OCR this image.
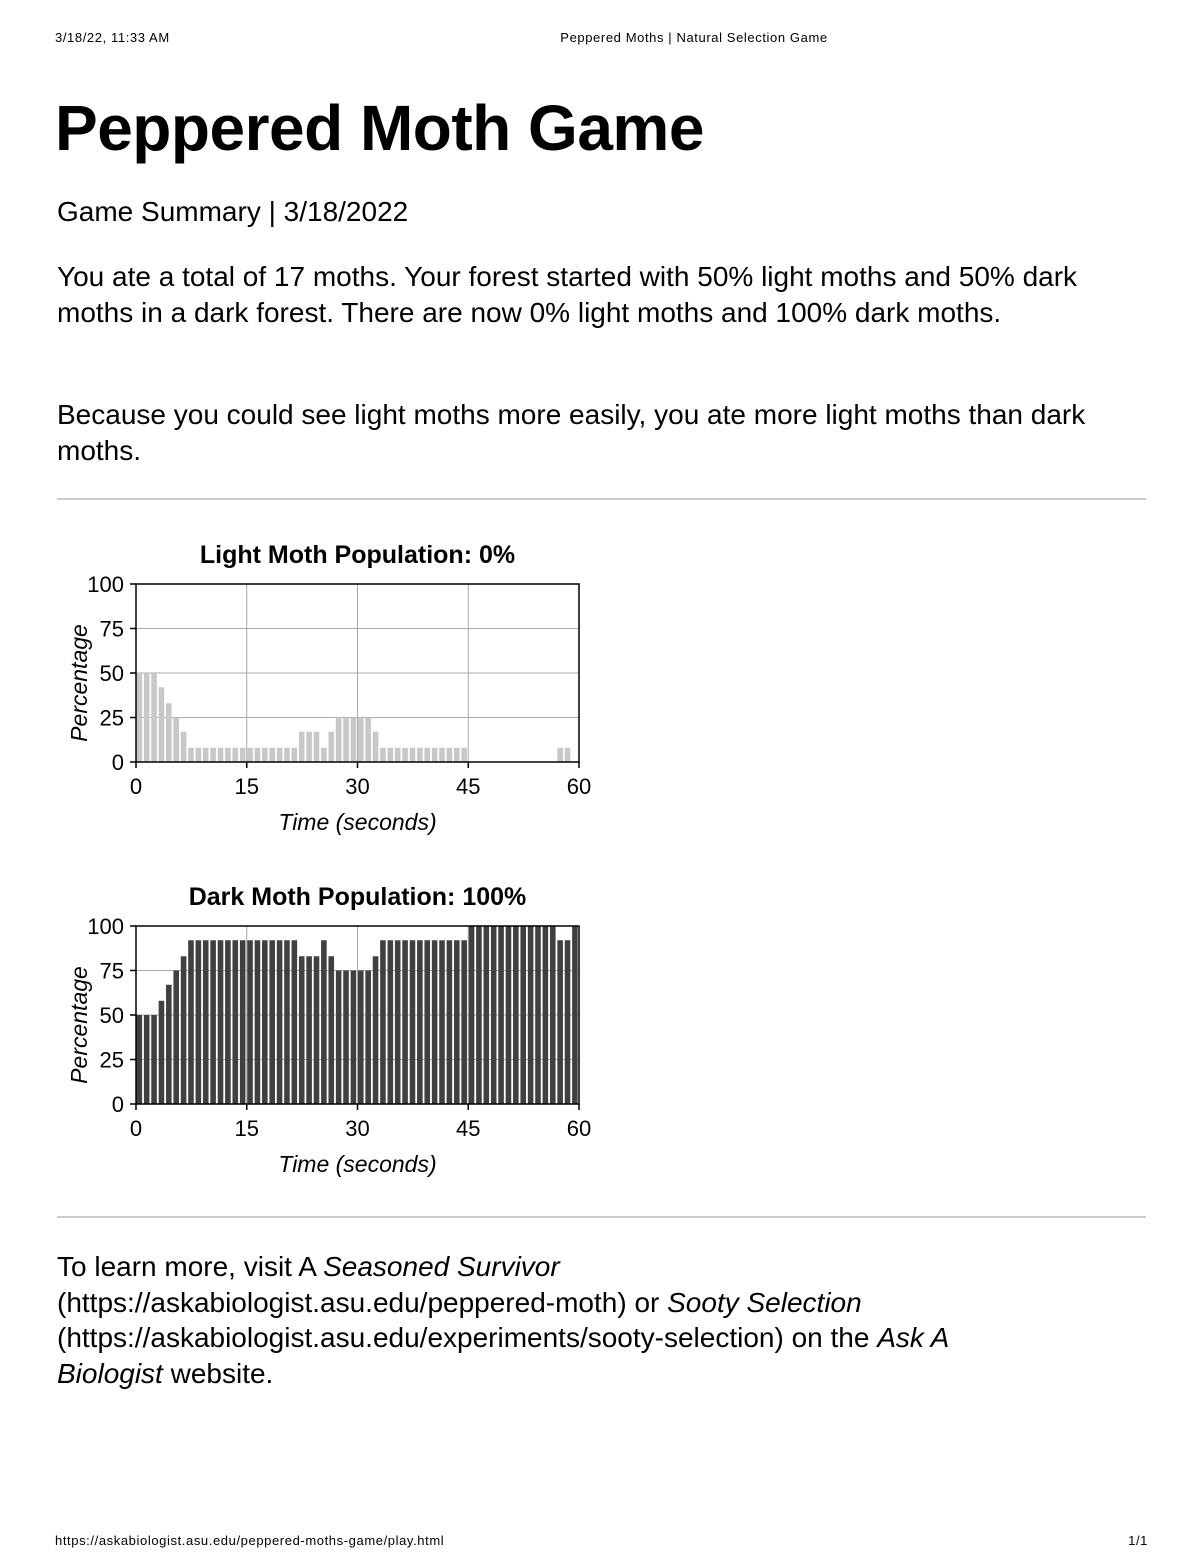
3/18/22, 11:33 AM	Peppered Moths | Natural Selection Game
Peppered Moth Game

Game Summary | 3/18/2022

You ate a total of 17 moths. Your forest started with 50% light moths and 50% dark moths in a dark forest. There are now 0% light moths and 100% dark moths.

Because you could see light moths more easily, you ate more light moths than dark moths.

Light Moth Population: 0%
0	15	30	45	60
0
25
50
75
100
Time (seconds)
Percentage
Dark Moth Population: 100%
0	15	30	45	60
0
25
50
75
100
Time (seconds)
Percentage

To learn more, visit A Seasoned Survivor (https://askabiologist.asu.edu/peppered-moth) or Sooty Selection (https://askabiologist.asu.edu/experiments/sooty-selection) on the Ask A Biologist website.

https://askabiologist.asu.edu/peppered-moths-game/play.html	1/1
